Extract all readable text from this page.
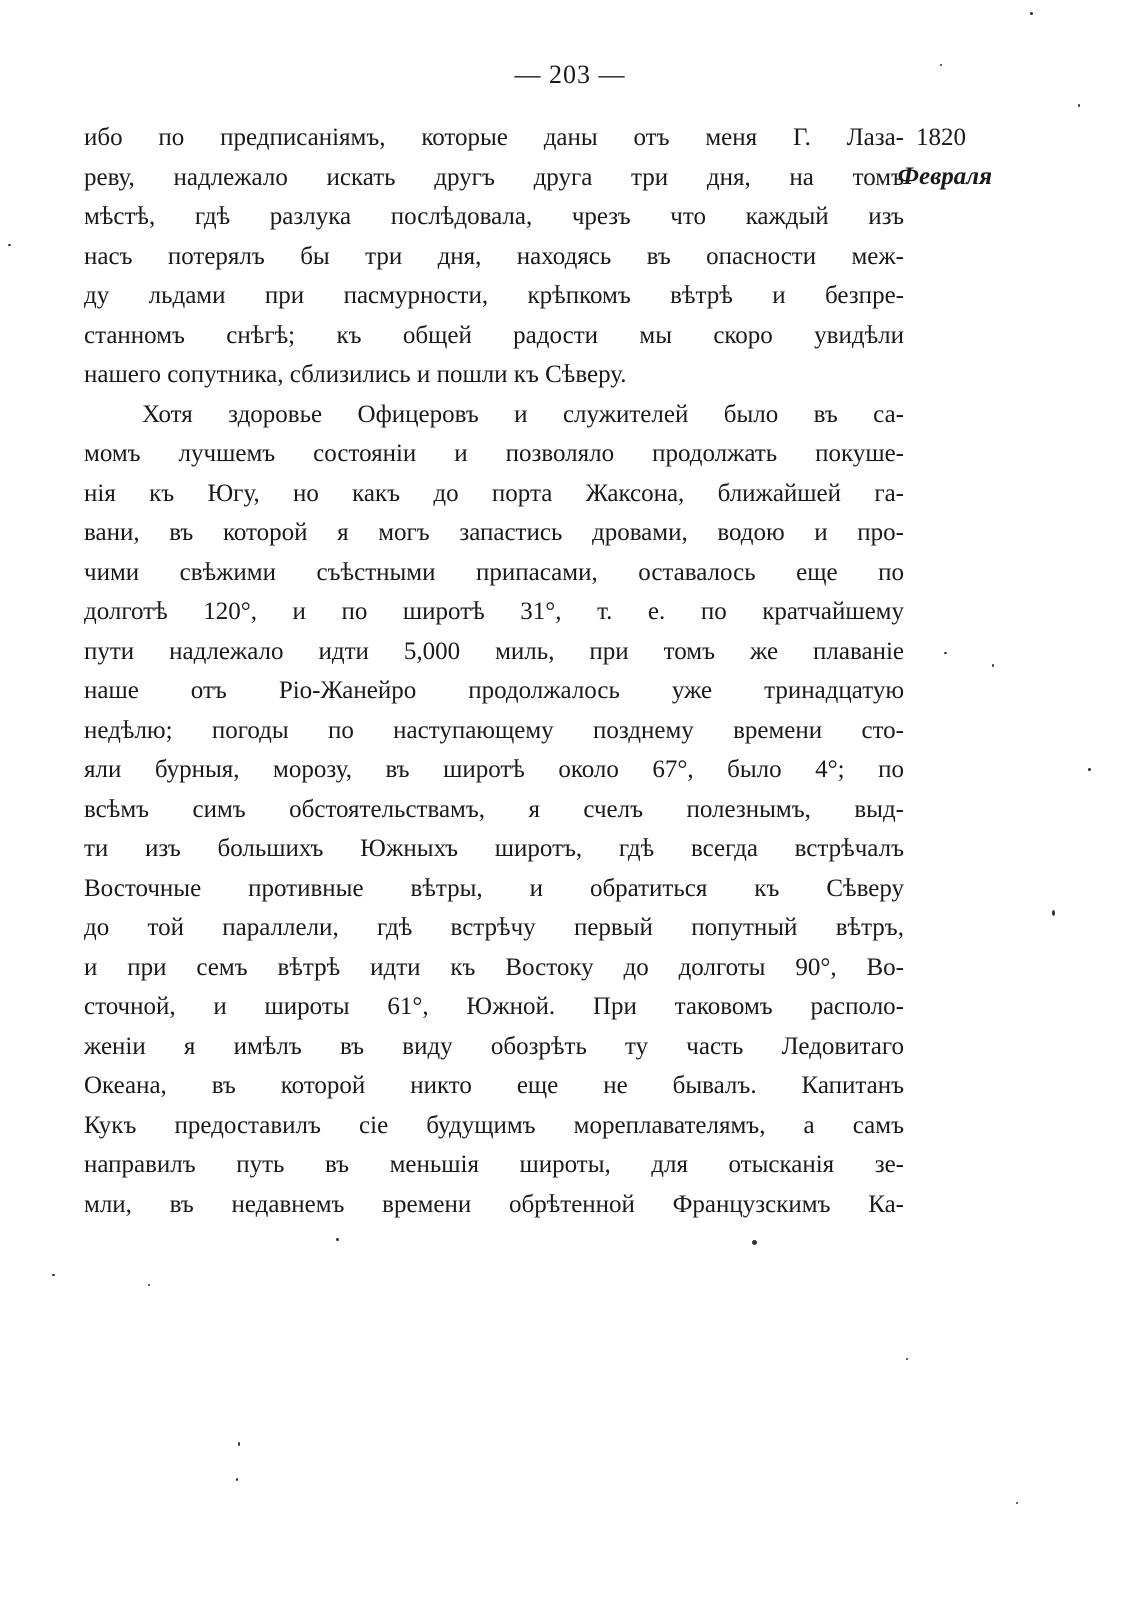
— 203 —
1820
Февраля
ибо по предписаніямъ, которые даны отъ меня Г. Лаза-
реву, надлежало искать другъ друга три дня, на томъ
мѣстѣ, гдѣ разлука послѣдовала, чрезъ что каждый изъ
насъ потерялъ бы три дня, находясь въ опасности меж-
ду льдами при пасмурности, крѣпкомъ вѣтрѣ и безпре-
станномъ снѣгѣ; къ общей радости мы скоро увидѣли
нашего сопутника, сблизились и пошли къ Сѣверу.
Хотя здоровье Офицеровъ и служителей было въ са-
момъ лучшемъ состояніи и позволяло продолжать покуше-
нія къ Югу, но какъ до порта Жаксона, ближайшей га-
вани, въ которой я могъ запастись дровами, водою и про-
чими свѣжими съѣстными припасами, оставалось еще по
долготѣ 120°, и по широтѣ 31°, т. е. по кратчайшему
пути надлежало идти 5,000 миль, при томъ же плаваніе
наше отъ Ріо-Жанейро продолжалось уже тринадцатую
недѣлю; погоды по наступающему позднему времени сто-
яли бурныя, морозу, въ широтѣ около 67°, было 4°; по
всѣмъ симъ обстоятельствамъ, я счелъ полезнымъ, выд-
ти изъ большихъ Южныхъ широтъ, гдѣ всегда встрѣчалъ
Восточные противные вѣтры, и обратиться къ Сѣверу
до той параллели, гдѣ встрѣчу первый попутный вѣтръ,
и при семъ вѣтрѣ идти къ Востоку до долготы 90°, Во-
сточной, и широты 61°, Южной. При таковомъ располо-
женіи я имѣлъ въ виду обозрѣть ту часть Ледовитаго
Океана, въ которой никто еще не бывалъ. Капитанъ
Кукъ предоставилъ сіе будущимъ мореплавателямъ, а самъ
направилъ путь въ меньшія широты, для отысканія зе-
мли, въ недавнемъ времени обрѣтенной Французскимъ Ка-
